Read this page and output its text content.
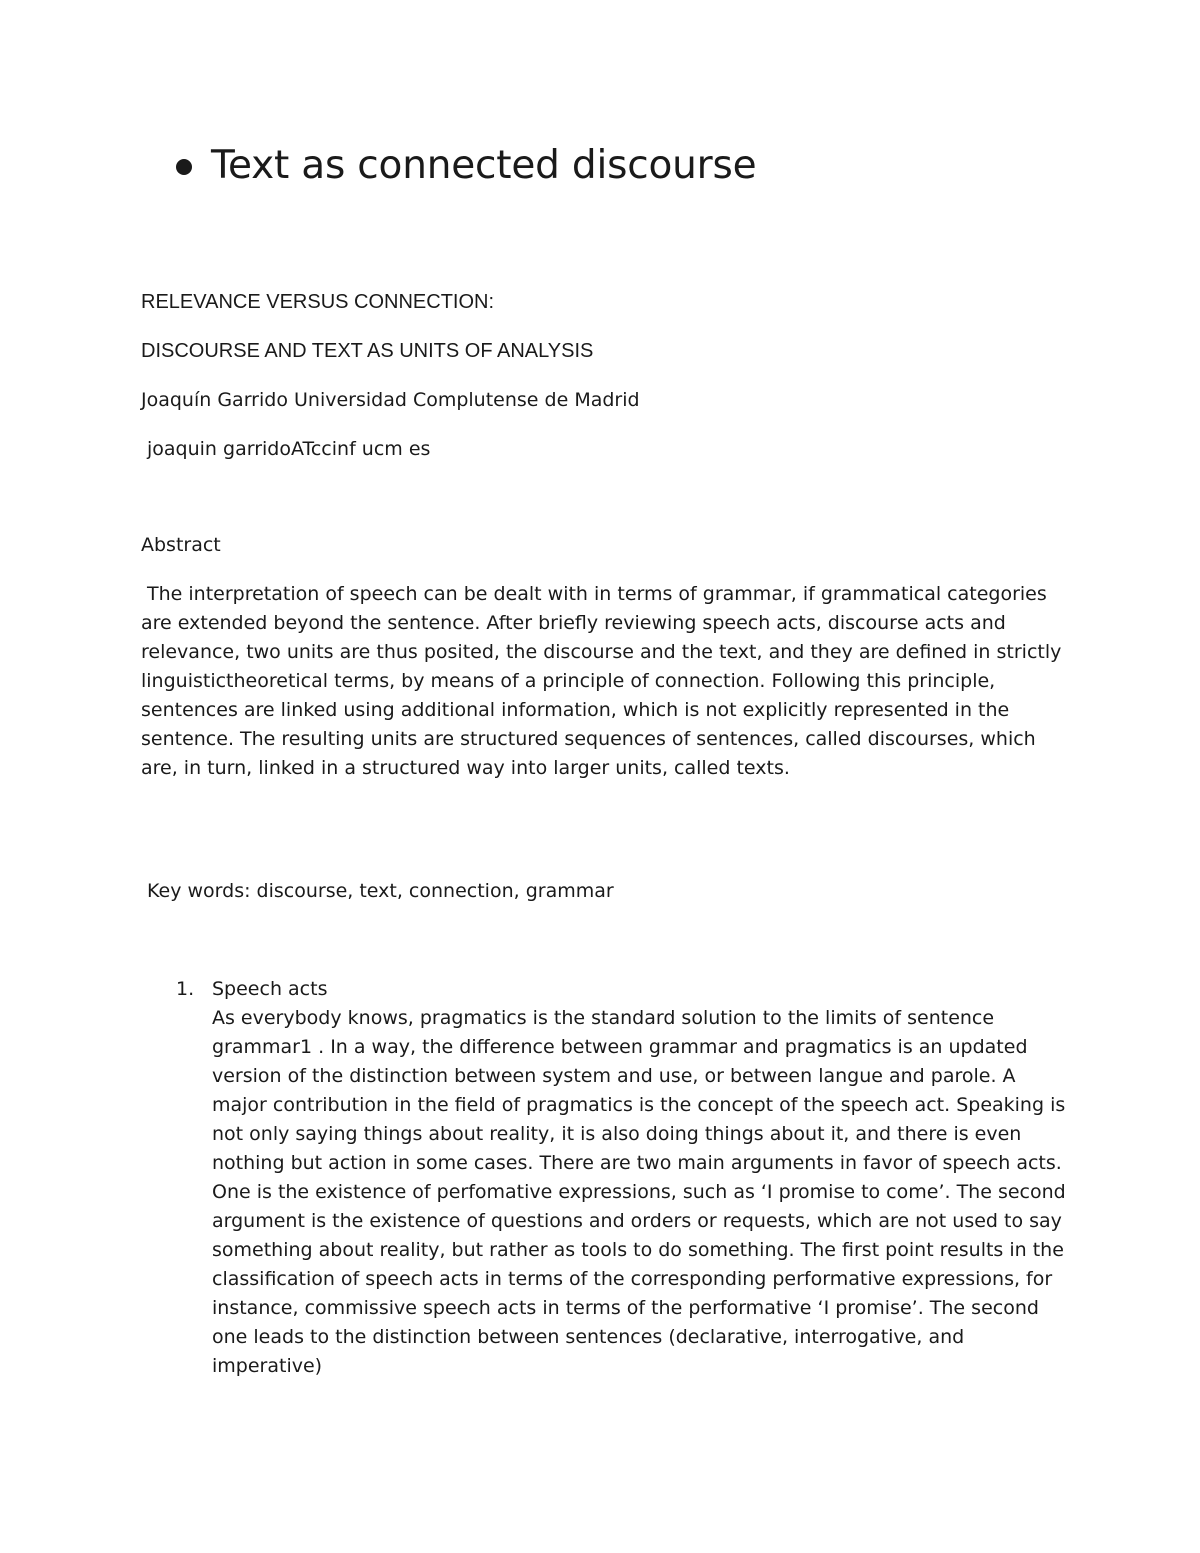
Text as connected discourse
RELEVANCE VERSUS CONNECTION:
DISCOURSE AND TEXT AS UNITS OF ANALYSIS
Joaquín Garrido Universidad Complutense de Madrid
joaquin garridoATccinf ucm es
Abstract

The interpretation of speech can be dealt with in terms of grammar, if grammatical categories are extended beyond the sentence. After briefly reviewing speech acts, discourse acts and relevance, two units are thus posited, the discourse and the text, and they are defined in strictly linguistictheoretical terms, by means of a principle of connection. Following this principle, sentences are linked using additional information, which is not explicitly represented in the sentence. The resulting units are structured sequences of sentences, called discourses, which are, in turn, linked in a structured way into larger units, called texts.

Key words: discourse, text, connection, grammar
1. Speech acts

As everybody knows, pragmatics is the standard solution to the limits of sentence grammar1 . In a way, the difference between grammar and pragmatics is an updated version of the distinction between system and use, or between langue and parole. A major contribution in the field of pragmatics is the concept of the speech act. Speaking is not only saying things about reality, it is also doing things about it, and there is even nothing but action in some cases. There are two main arguments in favor of speech acts. One is the existence of perfomative expressions, such as ‘I promise to come’. The second argument is the existence of questions and orders or requests, which are not used to say something about reality, but rather as tools to do something. The first point results in the classification of speech acts in terms of the corresponding performative expressions, for instance, commissive speech acts in terms of the performative ‘I promise’. The second one leads to the distinction between sentences (declarative, interrogative, and imperative)
